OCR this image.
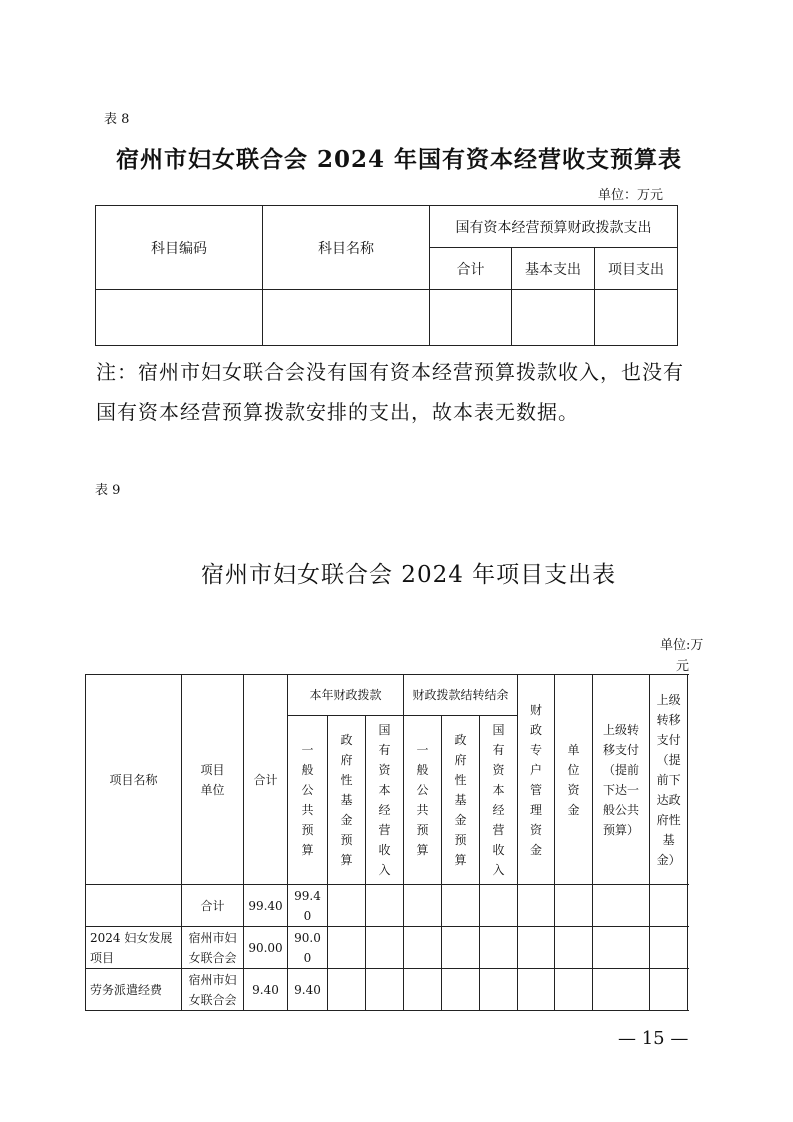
表 8
宿州市妇女联合会 2024 年国有资本经营收支预算表
单位：万元
科目编码	科目名称	国有资本经营预算财政拨款支出		
		合计	基本支出	项目支出

注：宿州市妇女联合会没有国有资本经营预算拨款收入，也没有
国有资本经营预算拨款安排的支出，故本表无数据。
表 9
宿州市妇女联合会 2024 年项目支出表
单位:万
元
项目名称	项目单位	合计	本年财政拨款			财政拨款结转结余			财政专户管理资金	单位资金	上级转移支付（提前下达一般公共预算）	上级转移支付（提前下达政府性基金）

			一般公共预算	政府性基金预算	国有资本经营收入	一般公共预算	政府性基金预算	国有资本经营收入				
	合计	99.40	99.40									

2024 妇女发展项目	宿州市妇女联合会	90.00	90.00									

劳务派遣经费	宿州市妇女联合会	9.40	9.40									
— 15 —
